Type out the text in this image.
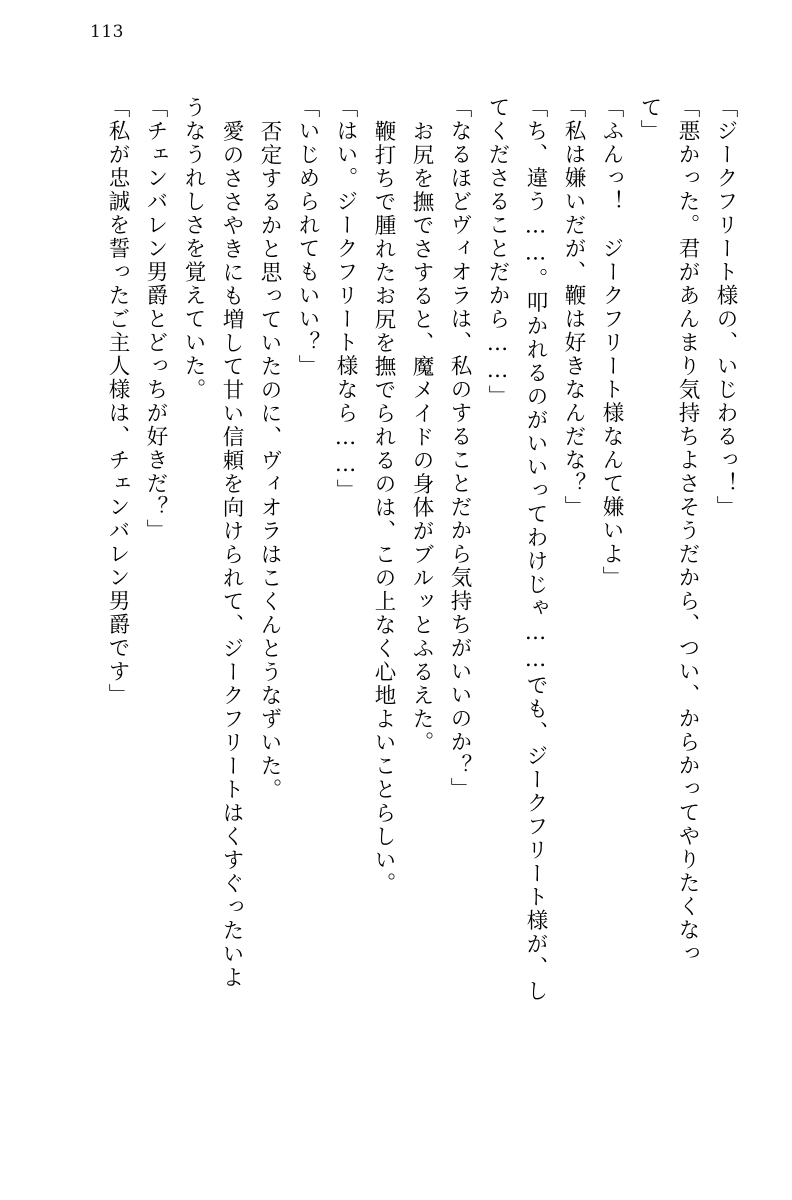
113
「ジークフリート様の、いじわるっ！」
「悪かった。君があんまり気持ちよさそうだから、つい、からかってやりたくなっ
て」
「ふんっ！　ジークフリート様なんて嫌いよ」
「私は嫌いだが、鞭は好きなんだな？」
「ち、違う……。叩かれるのがいいってわけじゃ……でも、ジークフリート様が、し
てくださることだから……」
「なるほどヴィオラは、私のすることだから気持ちがいいのか？」
お尻を撫でさすると、魔メイドの身体がブルッとふるえた。
鞭打ちで腫れたお尻を撫でられるのは、この上なく心地よいことらしい。
「はい。ジークフリート様なら……」
「いじめられてもいい？」
否定するかと思っていたのに、ヴィオラはこくんとうなずいた。
愛のささやきにも増して甘い信頼を向けられて、ジークフリートはくすぐったいよ
うなうれしさを覚えていた。
「チェンバレン男爵とどっちが好きだ？」
「私が忠誠を誓ったご主人様は、チェンバレン男爵です」
